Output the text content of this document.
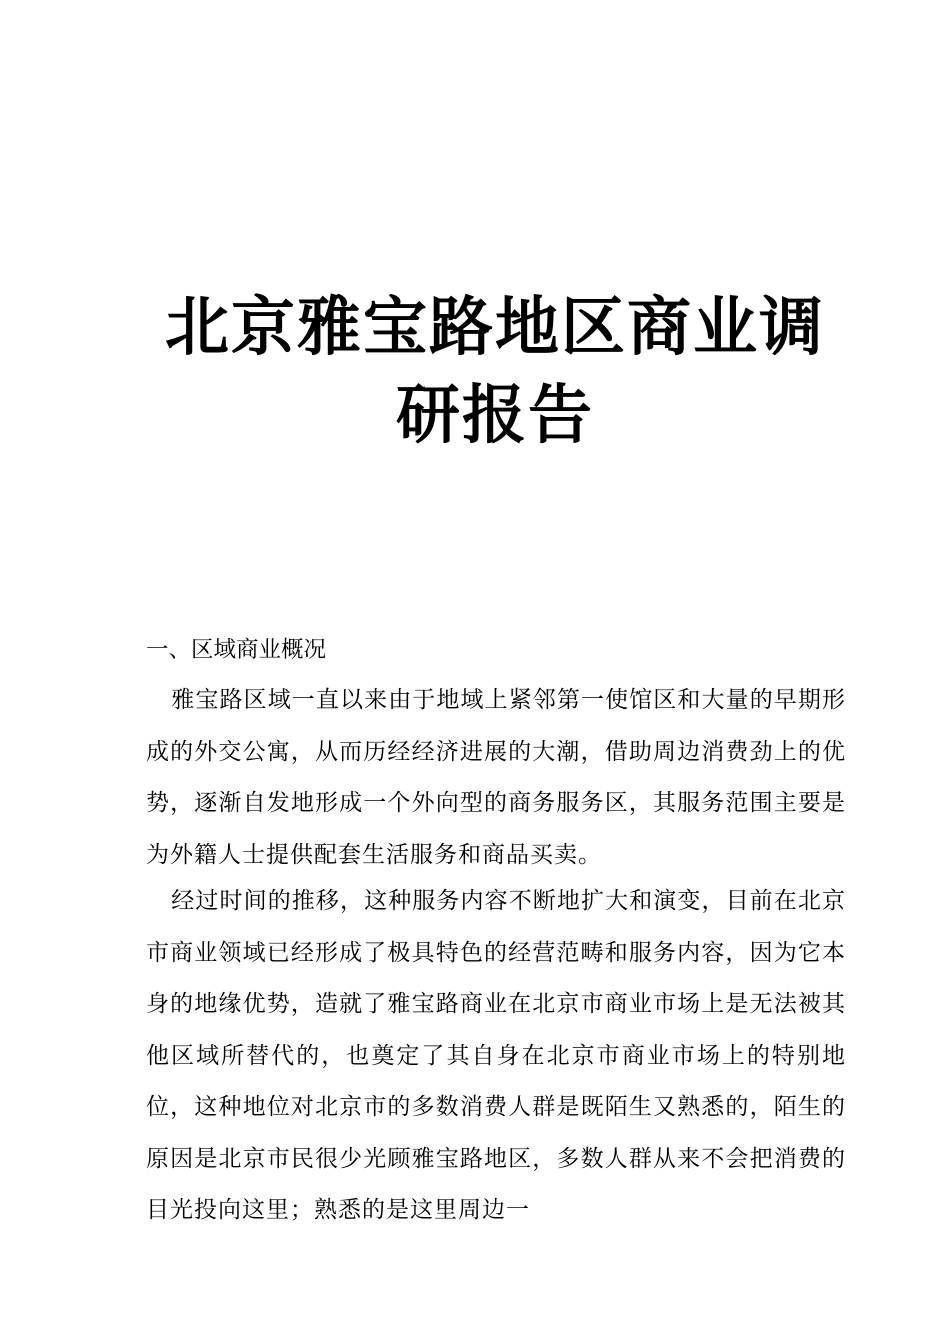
北京雅宝路地区商业调
研报告
一、区域商业概况

雅宝路区域一直以来由于地域上紧邻第一使馆区和大量的早期形成的外交公寓，从而历经经济进展的大潮，借助周边消费劲上的优势，逐渐自发地形成一个外向型的商务服务区，其服务范围主要是为外籍人士提供配套生活服务和商品买卖。

经过时间的推移，这种服务内容不断地扩大和演变，目前在北京市商业领域已经形成了极具特色的经营范畴和服务内容，因为它本身的地缘优势，造就了雅宝路商业在北京市商业市场上是无法被其他区域所替代的，也奠定了其自身在北京市商业市场上的特别地位，这种地位对北京市的多数消费人群是既陌生又熟悉的，陌生的原因是北京市民很少光顾雅宝路地区，多数人群从来不会把消费的目光投向这里；熟悉的是这里周边一
